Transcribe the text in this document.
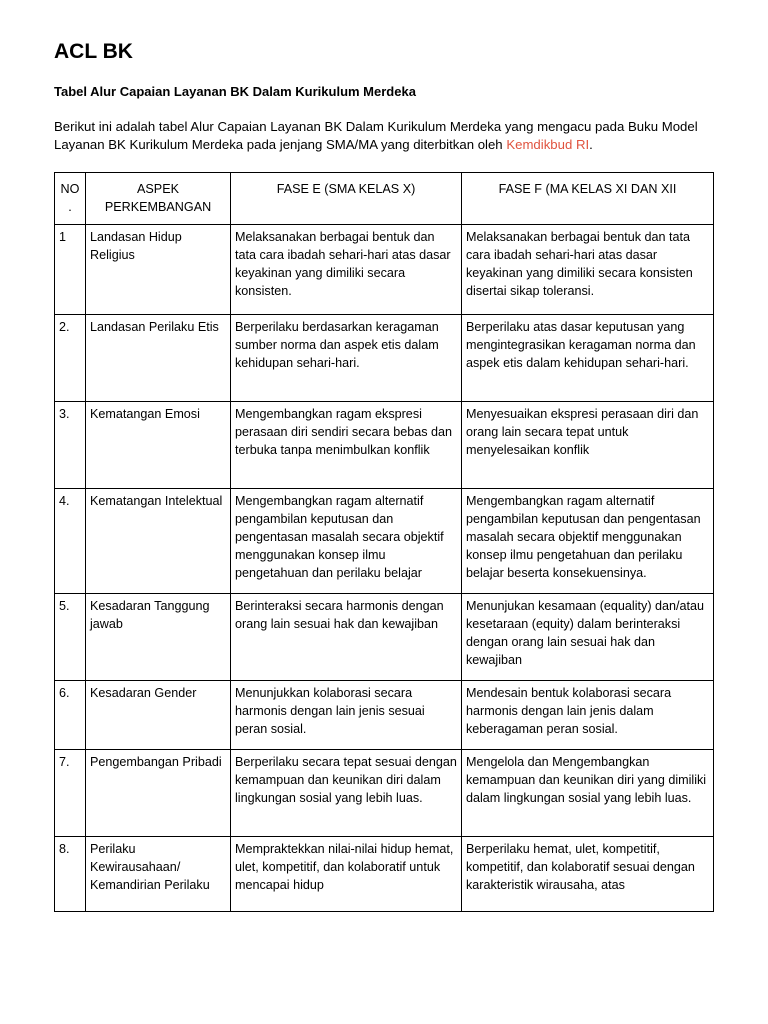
ACL BK
Tabel Alur Capaian Layanan BK Dalam Kurikulum Merdeka
Berikut ini adalah tabel Alur Capaian Layanan BK Dalam Kurikulum Merdeka yang mengacu pada Buku Model Layanan BK Kurikulum Merdeka pada jenjang SMA/MA yang diterbitkan oleh Kemdikbud RI.
NO .	ASPEK PERKEMBANGAN	FASE E (SMA KELAS X)	FASE F (MA KELAS XI DAN XII
1	Landasan Hidup Religius	Melaksanakan berbagai bentuk dan tata cara ibadah sehari-hari atas dasar keyakinan yang dimiliki secara konsisten.	Melaksanakan berbagai bentuk dan tata cara ibadah sehari-hari atas dasar keyakinan yang dimiliki secara konsisten disertai sikap toleransi.
2.	Landasan Perilaku Etis	Berperilaku berdasarkan keragaman sumber norma dan aspek etis dalam kehidupan sehari-hari.	Berperilaku atas dasar keputusan yang mengintegrasikan keragaman norma dan aspek etis dalam kehidupan sehari-hari.
3.	Kematangan Emosi	Mengembangkan ragam ekspresi perasaan diri sendiri secara bebas dan terbuka tanpa menimbulkan konflik	Menyesuaikan ekspresi perasaan diri dan orang lain secara tepat untuk menyelesaikan konflik
4.	Kematangan Intelektual	Mengembangkan ragam alternatif pengambilan keputusan dan pengentasan masalah secara objektif menggunakan konsep ilmu pengetahuan dan perilaku belajar	Mengembangkan ragam alternatif pengambilan keputusan dan pengentasan masalah secara objektif menggunakan konsep ilmu pengetahuan dan perilaku belajar beserta konsekuensinya.
5.	Kesadaran Tanggung jawab	Berinteraksi secara harmonis dengan orang lain sesuai hak dan kewajiban	Menunjukan kesamaan (equality) dan/atau kesetaraan (equity) dalam berinteraksi dengan orang lain sesuai hak dan kewajiban
6.	Kesadaran Gender	Menunjukkan kolaborasi secara harmonis dengan lain jenis sesuai peran sosial.	Mendesain bentuk kolaborasi secara harmonis dengan lain jenis dalam keberagaman peran sosial.
7.	Pengembangan Pribadi	Berperilaku secara tepat sesuai dengan kemampuan dan keunikan diri dalam lingkungan sosial yang lebih luas.	Mengelola dan Mengembangkan kemampuan dan keunikan diri yang dimiliki dalam lingkungan sosial yang lebih luas.
8.	Perilaku Kewirausahaan/ Kemandirian Perilaku	Mempraktekkan nilai-nilai hidup hemat, ulet, kompetitif, dan kolaboratif untuk mencapai hidup	Berperilaku hemat, ulet, kompetitif, kompetitif, dan kolaboratif sesuai dengan karakteristik wirausaha, atas
